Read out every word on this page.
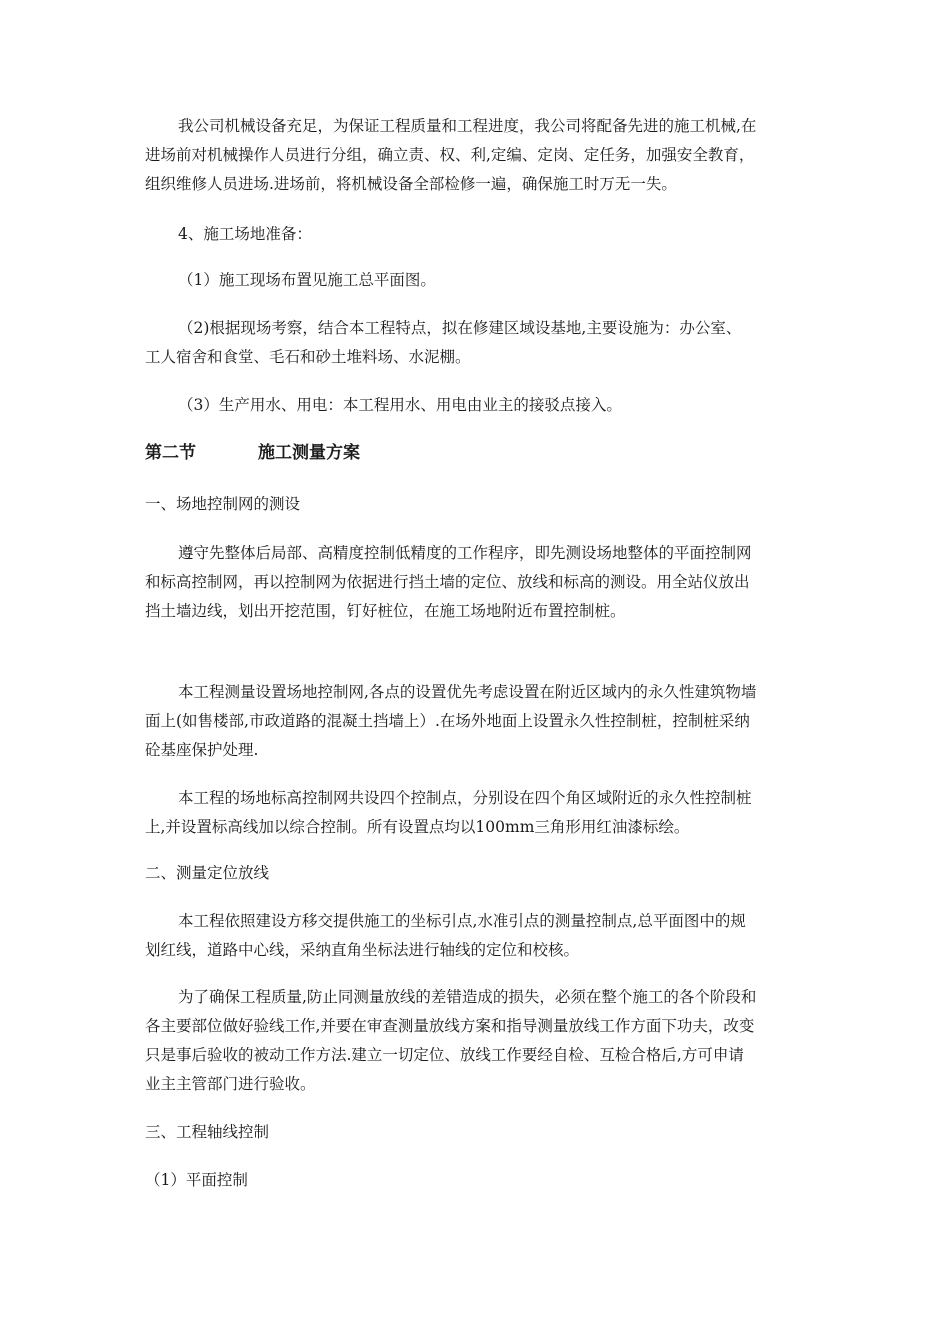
我公司机械设备充足，为保证工程质量和工程进度，我公司将配备先进的施工机械,在
进场前对机械操作人员进行分组，确立责、权、利,定编、定岗、定任务，加强安全教育，
组织维修人员进场.进场前，将机械设备全部检修一遍，确保施工时万无一失。
4、施工场地准备：
（1）施工现场布置见施工总平面图。
（2)根据现场考察，结合本工程特点，拟在修建区域设基地,主要设施为：办公室、
工人宿舍和食堂、毛石和砂土堆料场、水泥棚。
（3）生产用水、用电：本工程用水、用电由业主的接驳点接入。
第二节	施工测量方案
一、场地控制网的测设
遵守先整体后局部、高精度控制低精度的工作程序，即先测设场地整体的平面控制网
和标高控制网，再以控制网为依据进行挡土墙的定位、放线和标高的测设。用全站仪放出
挡土墙边线，划出开挖范围，钉好桩位，在施工场地附近布置控制桩。
本工程测量设置场地控制网,各点的设置优先考虑设置在附近区域内的永久性建筑物墙
面上(如售楼部,市政道路的混凝土挡墙上）.在场外地面上设置永久性控制桩，控制桩采纳
砼基座保护处理.
本工程的场地标高控制网共设四个控制点，分别设在四个角区域附近的永久性控制桩
上,并设置标高线加以综合控制。所有设置点均以100mm三角形用红油漆标绘。
二、测量定位放线
本工程依照建设方移交提供施工的坐标引点,水准引点的测量控制点,总平面图中的规
划红线，道路中心线，采纳直角坐标法进行轴线的定位和校核。
为了确保工程质量,防止同测量放线的差错造成的损失，必须在整个施工的各个阶段和
各主要部位做好验线工作,并要在审查测量放线方案和指导测量放线工作方面下功夫，改变
只是事后验收的被动工作方法.建立一切定位、放线工作要经自检、互检合格后,方可申请
业主主管部门进行验收。
三、工程轴线控制
（1）平面控制
